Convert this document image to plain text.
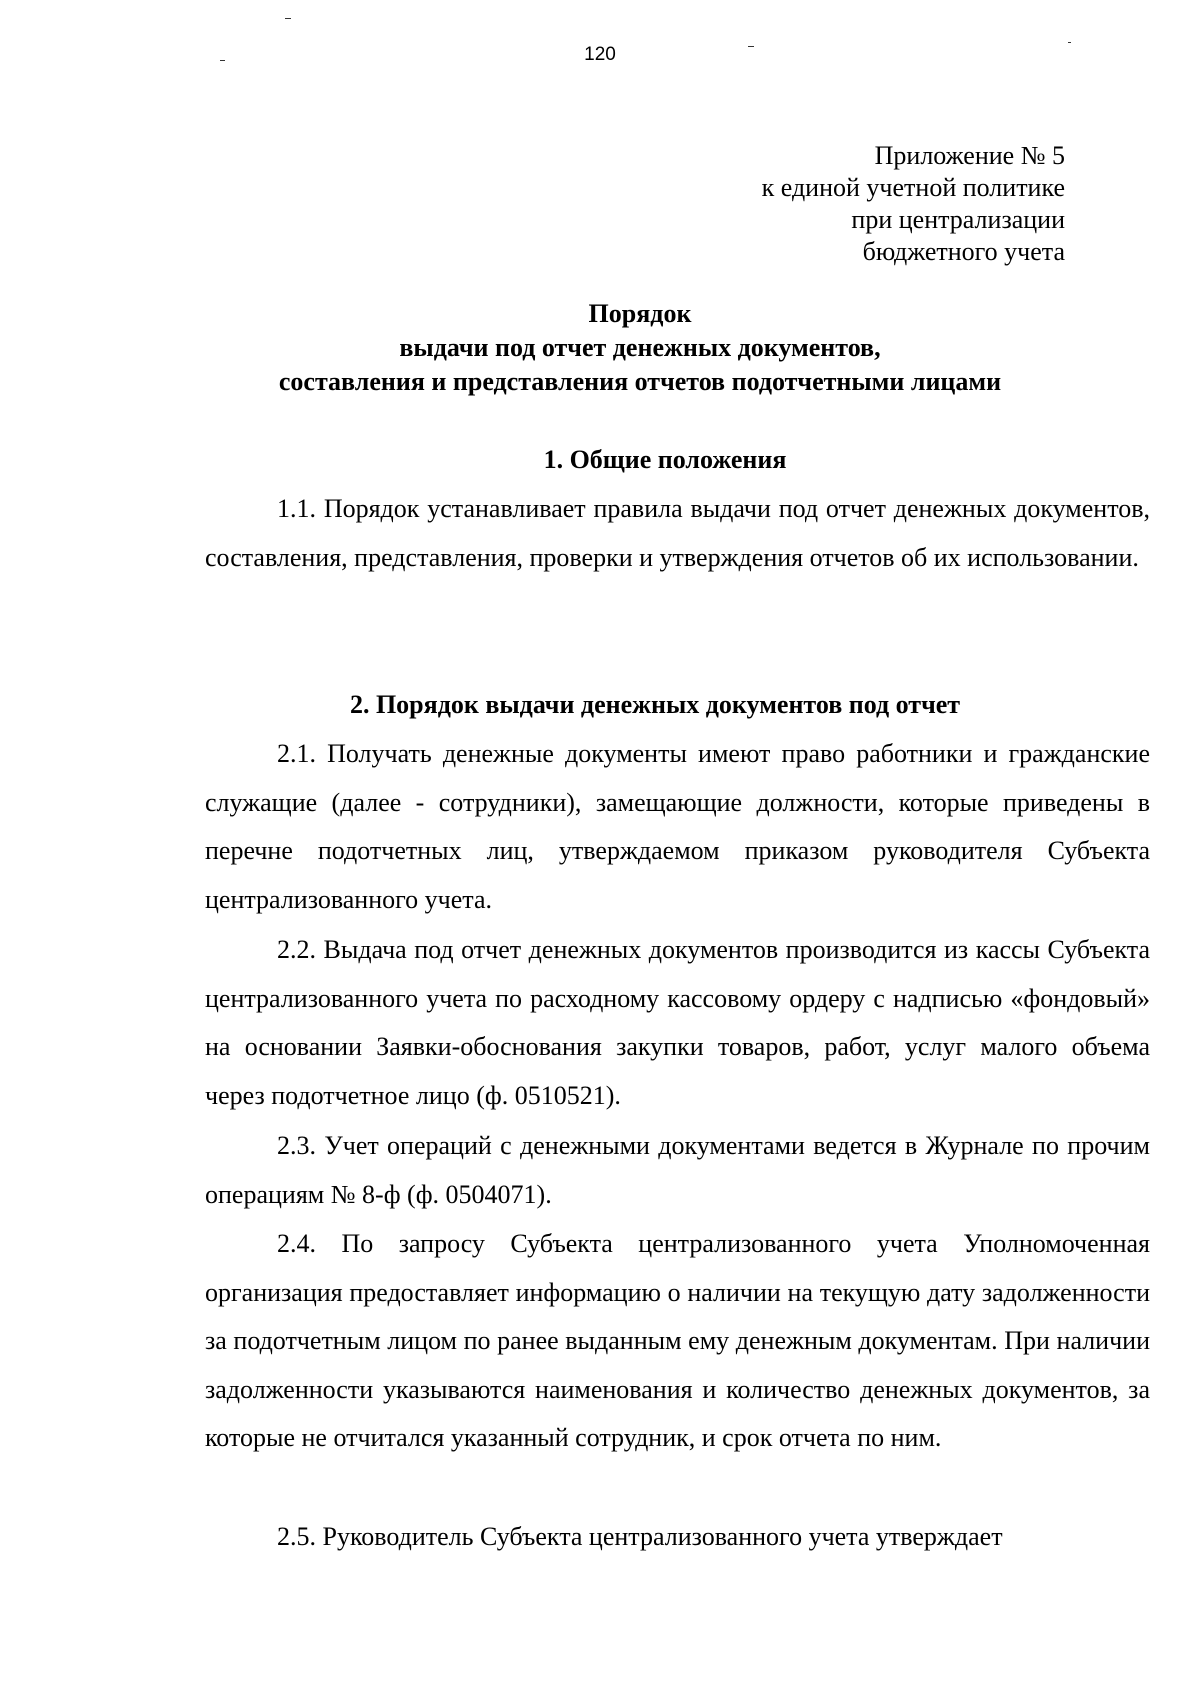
120
Приложение № 5
к единой учетной политике
при централизации
бюджетного учета
Порядок
выдачи под отчет денежных документов,
составления и представления отчетов подотчетными лицами
1. Общие положения
1.1. Порядок устанавливает правила выдачи под отчет денежных документов, составления, представления, проверки и утверждения отчетов об их использовании.
2. Порядок выдачи денежных документов под отчет
2.1. Получать денежные документы имеют право работники и гражданские служащие (далее - сотрудники), замещающие должности, которые приведены в перечне подотчетных лиц, утверждаемом приказом руководителя Субъекта централизованного учета.
2.2. Выдача под отчет денежных документов производится из кассы Субъекта централизованного учета по расходному кассовому ордеру с надписью «фондовый» на основании Заявки-обоснования закупки товаров, работ, услуг малого объема через подотчетное лицо (ф. 0510521).
2.3. Учет операций с денежными документами ведется в Журнале по прочим операциям № 8-ф (ф. 0504071).
2.4. По запросу Субъекта централизованного учета Уполномоченная организация предоставляет информацию о наличии на текущую дату задолженности за подотчетным лицом по ранее выданным ему денежным документам. При наличии задолженности указываются наименования и количество денежных документов, за которые не отчитался указанный сотрудник, и срок отчета по ним.
2.5. Руководитель Субъекта централизованного учета утверждает
